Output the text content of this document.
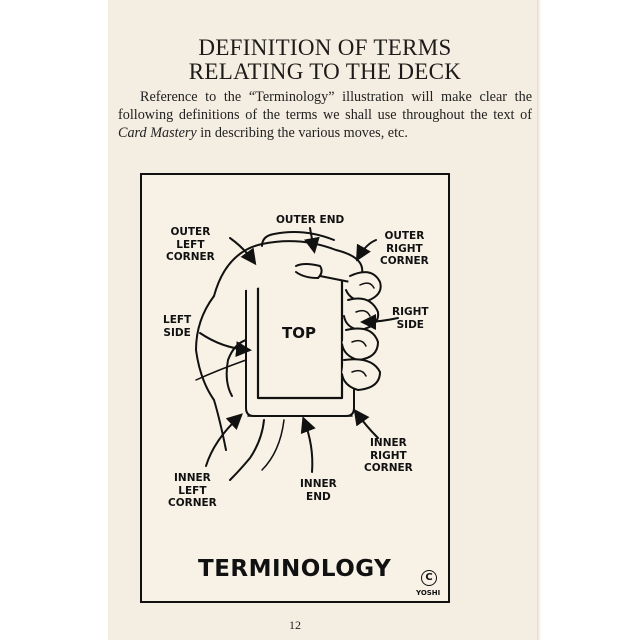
DEFINITION OF TERMS
RELATING TO THE DECK
Reference to the “Terminology” illustration will make clear the following definitions of the terms we shall use throughout the text of Card Mastery in describing the various moves, etc.
OUTER END
OUTER
LEFT
CORNER
OUTER
RIGHT
CORNER
LEFT
SIDE
RIGHT
SIDE
TOP
INNER
RIGHT
CORNER
INNER
LEFT
CORNER
INNER
END
TERMINOLOGY	C
YOSHI
12
